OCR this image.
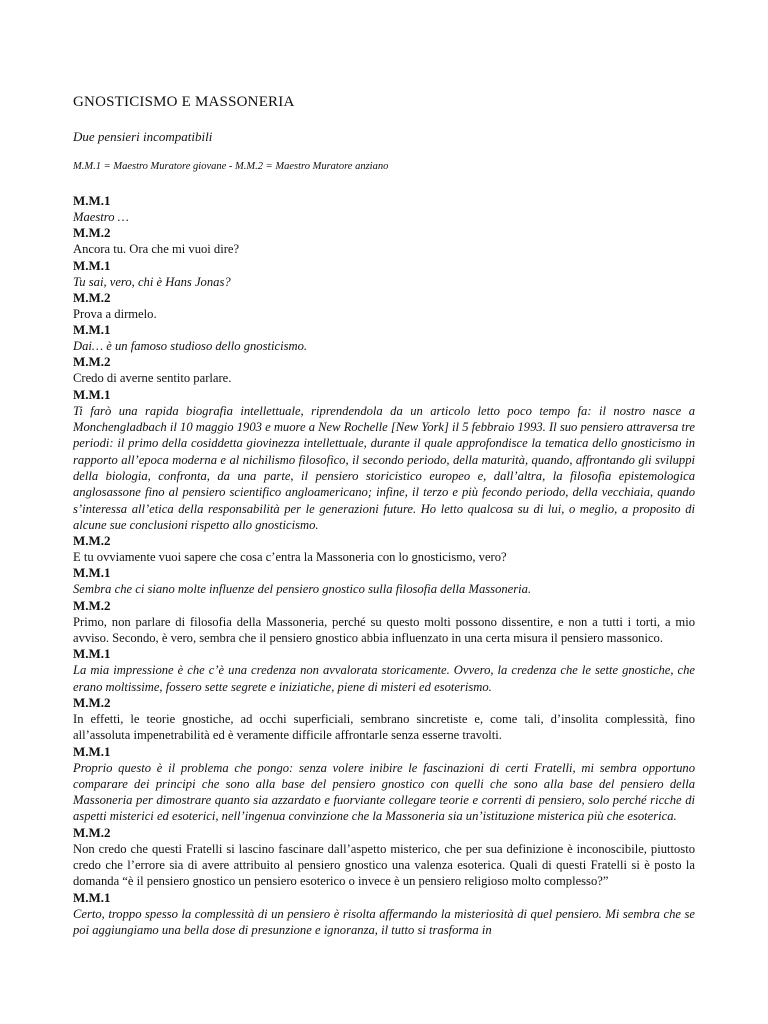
GNOSTICISMO E MASSONERIA

Due pensieri incompatibili

M.M.1 = Maestro Muratore giovane - M.M.2 = Maestro Muratore anziano

M.M.1

Maestro …

M.M.2

Ancora tu. Ora che mi vuoi dire?

M.M.1

Tu sai, vero, chi è Hans Jonas?

M.M.2

Prova a dirmelo.

M.M.1

Dai… è un famoso studioso dello gnosticismo.

M.M.2

Credo di averne sentito parlare.

M.M.1

Ti farò una rapida biografia intellettuale, riprendendola da un articolo letto poco tempo fa: il nostro nasce a Monchengladbach il 10 maggio 1903 e muore a New Rochelle [New York] il 5 febbraio 1993. Il suo pensiero attraversa tre periodi: il primo della cosiddetta giovinezza intellettuale, durante il quale approfondisce la tematica dello gnosticismo in rapporto all’epoca moderna e al nichilismo filosofico, il secondo periodo, della maturità, quando, affrontando gli sviluppi della biologia, confronta, da una parte, il pensiero storicistico europeo e, dall’altra, la filosofia epistemologica anglosassone fino al pensiero scientifico angloamericano; infine, il terzo e più fecondo periodo, della vecchiaia, quando s’interessa all’etica della responsabilità per le generazioni future. Ho letto qualcosa su di lui, o meglio, a proposito di alcune sue conclusioni rispetto allo gnosticismo.

M.M.2

E tu ovviamente vuoi sapere che cosa c’entra la Massoneria con lo gnosticismo, vero?

M.M.1

Sembra che ci siano molte influenze del pensiero gnostico sulla filosofia della Massoneria.

M.M.2

Primo, non parlare di filosofia della Massoneria, perché su questo molti possono dissentire, e non a tutti i torti, a mio avviso. Secondo, è vero, sembra che il pensiero gnostico abbia influenzato in una certa misura il pensiero massonico.

M.M.1

La mia impressione è che c’è una credenza non avvalorata storicamente. Ovvero, la credenza che le sette gnostiche, che erano moltissime, fossero sette segrete e iniziatiche, piene di misteri ed esoterismo.

M.M.2

In effetti, le teorie gnostiche, ad occhi superficiali, sembrano sincretiste e, come tali, d’insolita complessità, fino all’assoluta impenetrabilità ed è veramente difficile affrontarle senza esserne travolti.

M.M.1

Proprio questo è il problema che pongo: senza volere inibire le fascinazioni di certi Fratelli, mi sembra opportuno comparare dei principi che sono alla base del pensiero gnostico con quelli che sono alla base del pensiero della Massoneria per dimostrare quanto sia azzardato e fuorviante collegare teorie e correnti di pensiero, solo perché ricche di aspetti misterici ed esoterici, nell’ingenua convinzione che la Massoneria sia un’istituzione misterica più che esoterica.

M.M.2

Non credo che questi Fratelli si lascino fascinare dall’aspetto misterico, che per sua definizione è inconoscibile, piuttosto credo che l’errore sia di avere attribuito al pensiero gnostico una valenza esoterica. Quali di questi Fratelli si è posto la domanda “è il pensiero gnostico un pensiero esoterico o invece è un pensiero religioso molto complesso?”

M.M.1

Certo, troppo spesso la complessità di un pensiero è risolta affermando la misteriosità di quel pensiero. Mi sembra che se poi aggiungiamo una bella dose di presunzione e ignoranza, il tutto si trasforma in
